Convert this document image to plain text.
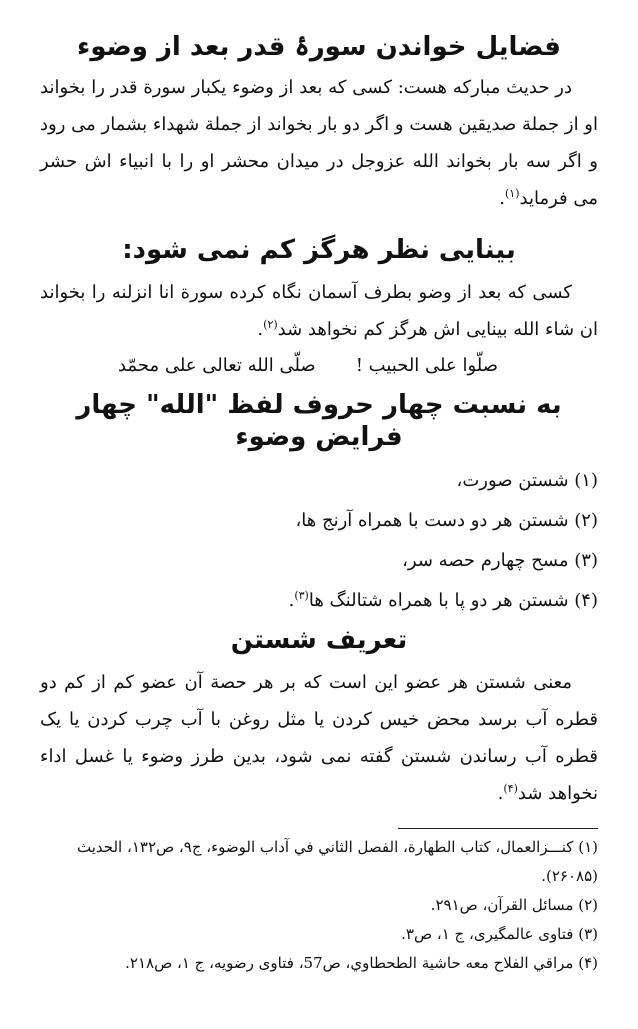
فضایل خواندن سورۂ قدر بعد از وضوء

در حدیث مبارکه هست: کسی که بعد از وضوء یکبار سورة قدر را بخواند او از جملة صدیقین هست و اگر دو بار بخواند از جملة شهداء بشمار می رود و اگر سه بار بخواند الله عزوجل در میدان محشر او را با انبیاء اش حشر می فرماید$^{(۱)}$.

بینایی نظر هرگز کم نمی شود:

کسی که بعد از وضو بطرف آسمان نگاه کرده سورة انا انزلنه را بخواند ان شاء الله بینایی اش هرگز کم نخواهد شد$^{(۲)}$.

صلّوا علی الحبیب !صلّی الله تعالی علی محمّد

به نسبت چهار حروف لفظ "الله" چهار فرایض وضوء

(۱) شستن صورت،

(۲) شستن هر دو دست با همراه آرنج ها،

(۳) مسح چهارم حصه سر،

(۴) شستن هر دو پا با همراه شتالنگ ها$^{(۳)}$.

تعریف شستن

معنی شستن هر عضو این است که بر هر حصة آن عضو کم از کم دو قطره آب برسد محض خیس کردن یا مثل روغن با آب چرب کردن یا یک قطره آب رساندن شستن گفته نمی شود، بدین طرز وضوء یا غسل اداء نخواهد شد$^{(۴)}$.

(۱) کنـــزالعمال، کتاب الطهارة، الفصل الثاني في آداب الوضوء، ج۹، ص۱۳۲، الحدیث (۲۶۰۸۵).

(۲) مسائل القرآن، ص۲۹۱.

(۳) فتاوی عالمگیری، ج ۱، ص۳.

(۴) مراقي الفلاح معه حاشیة الطحطاوي، ص57، فتاوی رضویه، ج ۱، ص۲۱۸.
